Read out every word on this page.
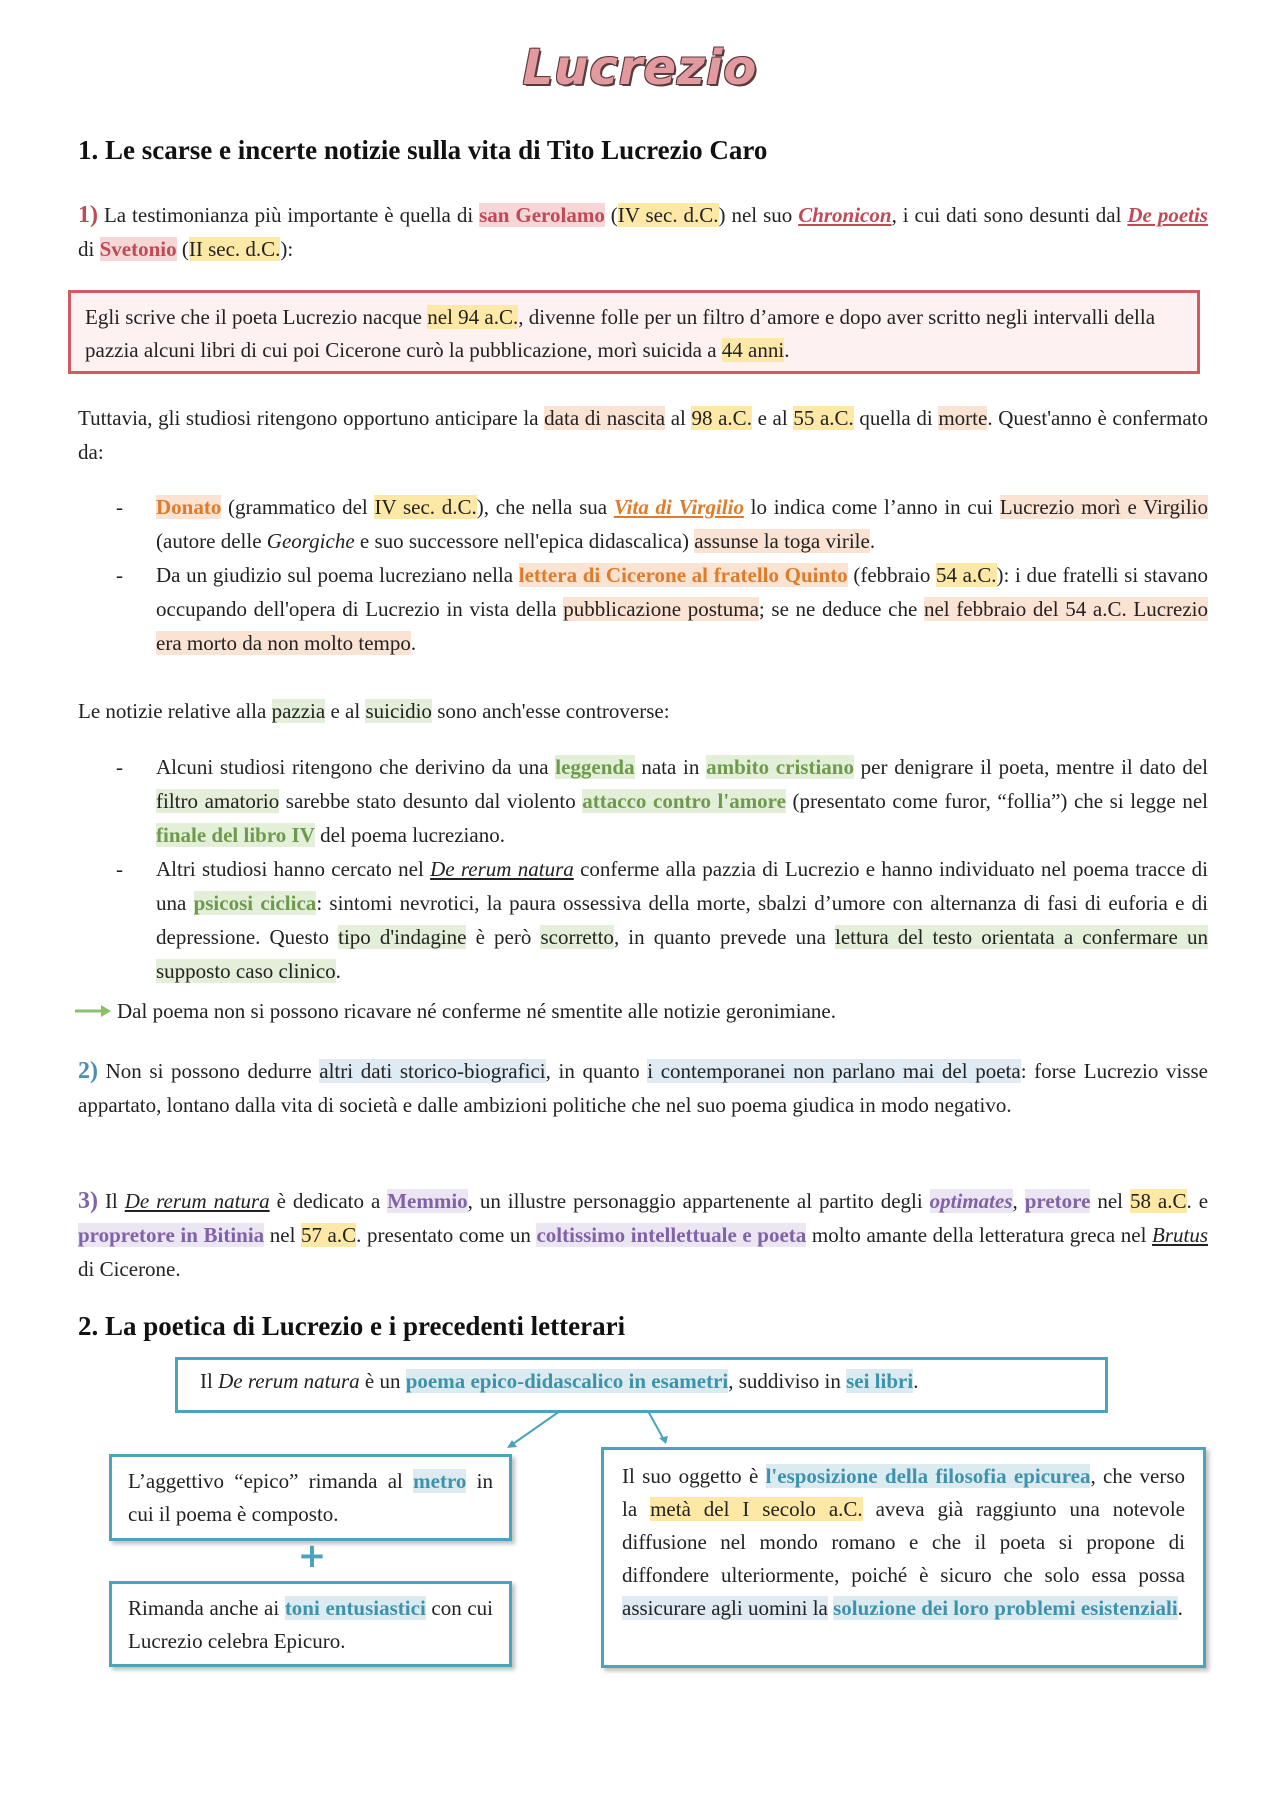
Lucrezio
1. Le scarse e incerte notizie sulla vita di Tito Lucrezio Caro
1) La testimonianza più importante è quella di san Gerolamo (IV sec. d.C.) nel suo Chronicon, i cui dati sono desunti dal De poetis di Svetonio (II sec. d.C.):
Egli scrive che il poeta Lucrezio nacque nel 94 a.C., divenne folle per un filtro d’amore e dopo aver scritto negli intervalli della pazzia alcuni libri di cui poi Cicerone curò la pubblicazione, morì suicida a 44 anni.
Tuttavia, gli studiosi ritengono opportuno anticipare la data di nascita al 98 a.C. e al 55 a.C. quella di morte. Quest'anno è confermato da:
- Donato (grammatico del IV sec. d.C.), che nella sua Vita di Virgilio lo indica come l’anno in cui Lucrezio morì e Virgilio (autore delle Georgiche e suo successore nell'epica didascalica) assunse la toga virile.
- Da un giudizio sul poema lucreziano nella lettera di Cicerone al fratello Quinto (febbraio 54 a.C.): i due fratelli si stavano occupando dell'opera di Lucrezio in vista della pubblicazione postuma; se ne deduce che nel febbraio del 54 a.C. Lucrezio era morto da non molto tempo.
Le notizie relative alla pazzia e al suicidio sono anch'esse controverse:
- Alcuni studiosi ritengono che derivino da una leggenda nata in ambito cristiano per denigrare il poeta, mentre il dato del filtro amatorio sarebbe stato desunto dal violento attacco contro l'amore (presentato come furor, “follia”) che si legge nel finale del libro IV del poema lucreziano.
- Altri studiosi hanno cercato nel De rerum natura conferme alla pazzia di Lucrezio e hanno individuato nel poema tracce di una psicosi ciclica: sintomi nevrotici, la paura ossessiva della morte, sbalzi d’umore con alternanza di fasi di euforia e di depressione. Questo tipo d'indagine è però scorretto, in quanto prevede una lettura del testo orientata a confermare un supposto caso clinico.
Dal poema non si possono ricavare né conferme né smentite alle notizie geronimiane.
2) Non si possono dedurre altri dati storico-biografici, in quanto i contemporanei non parlano mai del poeta: forse Lucrezio visse appartato, lontano dalla vita di società e dalle ambizioni politiche che nel suo poema giudica in modo negativo.
3) Il De rerum natura è dedicato a Memmio, un illustre personaggio appartenente al partito degli optimates, pretore nel 58 a.C. e propretore in Bitinia nel 57 a.C. presentato come un coltissimo intellettuale e poeta molto amante della letteratura greca nel Brutus di Cicerone.
2. La poetica di Lucrezio e i precedenti letterari
Il De rerum natura è un poema epico-didascalico in esametri, suddiviso in sei libri.
L’aggettivo “epico” rimanda al metro in cui il poema è composto.
+
Rimanda anche ai toni entusiastici con cui Lucrezio celebra Epicuro.
Il suo oggetto è l'esposizione della filosofia epicurea, che verso la metà del I secolo a.C. aveva già raggiunto una notevole diffusione nel mondo romano e che il poeta si propone di diffondere ulteriormente, poiché è sicuro che solo essa possa assicurare agli uomini la soluzione dei loro problemi esistenziali.
